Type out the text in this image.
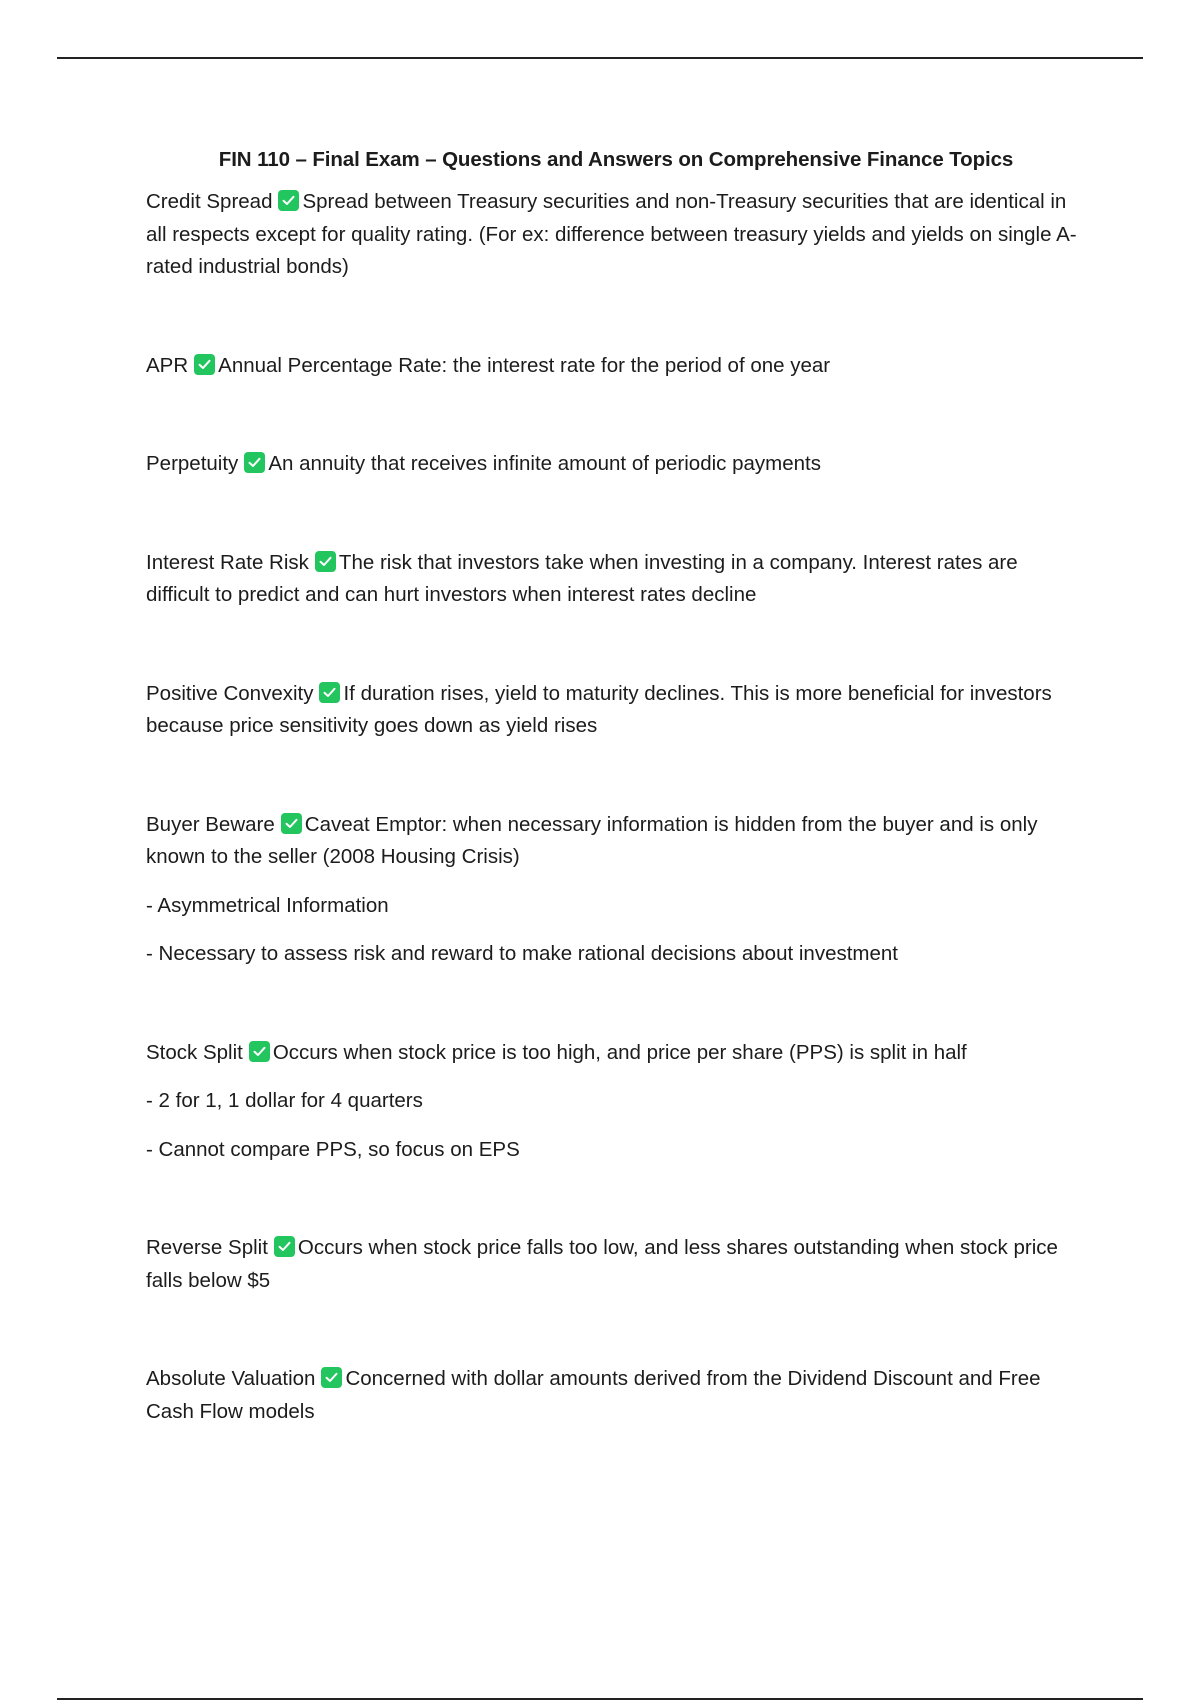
FIN 110 – Final Exam – Questions and Answers on Comprehensive Finance Topics

Credit Spread Spread between Treasury securities and non-Treasury securities that are identical in all respects except for quality rating. (For ex: difference between treasury yields and yields on single A-rated industrial bonds)

APR Annual Percentage Rate: the interest rate for the period of one year

Perpetuity An annuity that receives infinite amount of periodic payments

Interest Rate Risk The risk that investors take when investing in a company. Interest rates are difficult to predict and can hurt investors when interest rates decline

Positive Convexity If duration rises, yield to maturity declines. This is more beneficial for investors because price sensitivity goes down as yield rises

Buyer Beware Caveat Emptor: when necessary information is hidden from the buyer and is only known to the seller (2008 Housing Crisis)

- Asymmetrical Information

- Necessary to assess risk and reward to make rational decisions about investment

Stock Split Occurs when stock price is too high, and price per share (PPS) is split in half

- 2 for 1, 1 dollar for 4 quarters

- Cannot compare PPS, so focus on EPS

Reverse Split Occurs when stock price falls too low, and less shares outstanding when stock price falls below $5

Absolute Valuation Concerned with dollar amounts derived from the Dividend Discount and Free Cash Flow models
